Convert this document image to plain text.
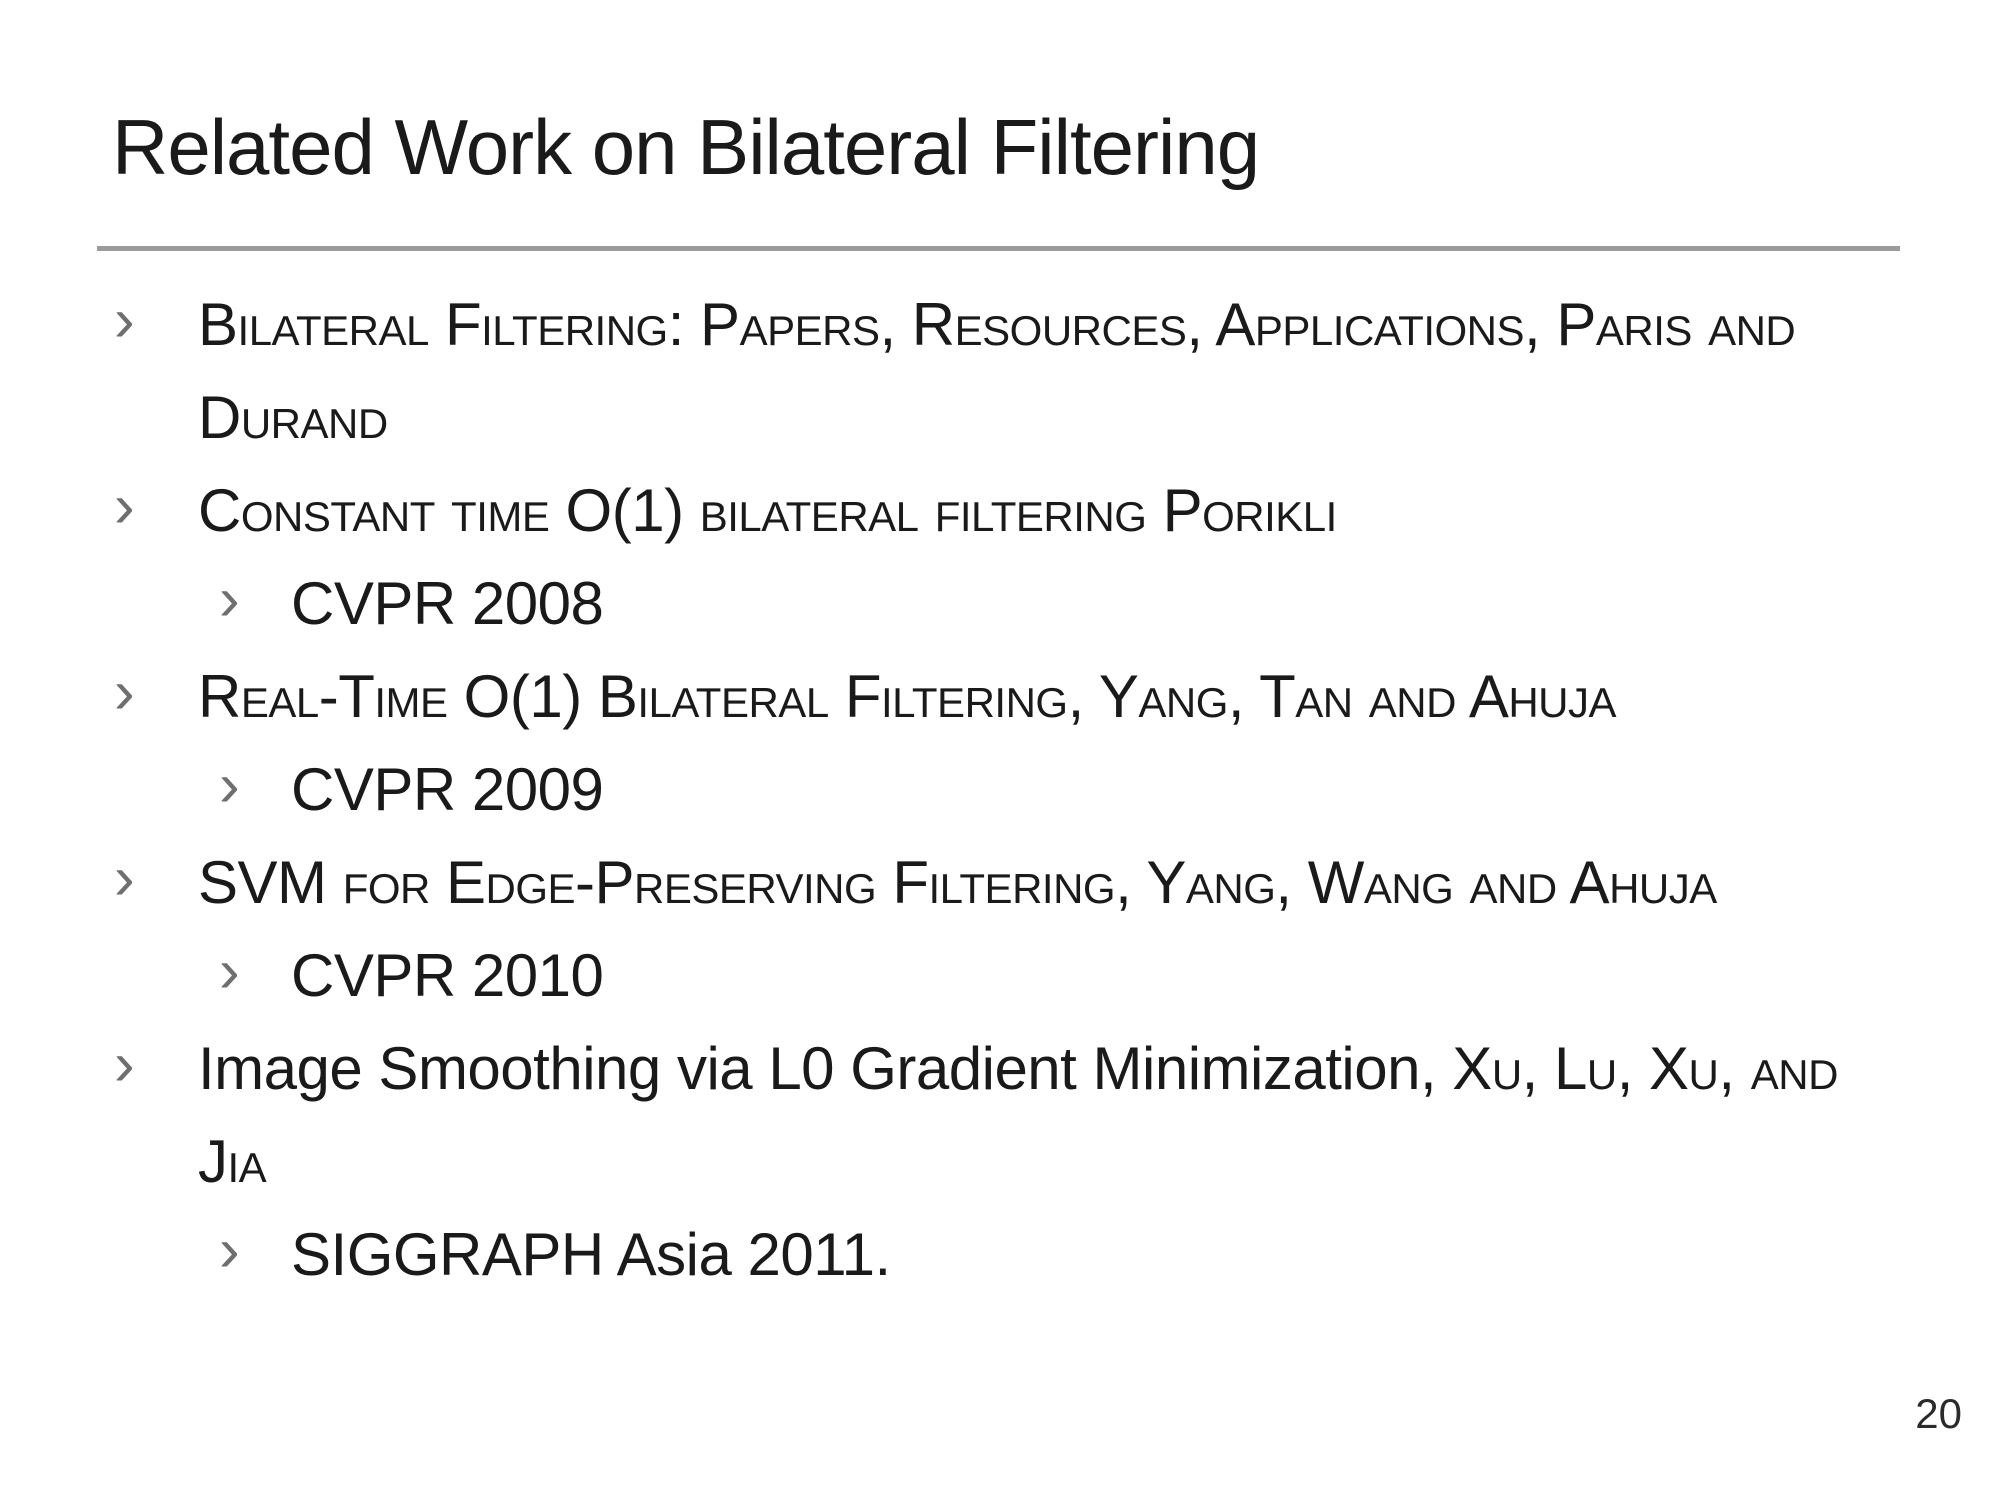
Related Work on Bilateral Filtering
›	Bilateral Filtering: Papers, Resources, Applications, Paris and
Durand
›	Constant time O(1) bilateral filtering Porikli
› CVPR 2008
›	Real-Time O(1) Bilateral Filtering, Yang, Tan and Ahuja
› CVPR 2009
›	SVM for Edge-Preserving Filtering, Yang, Wang and Ahuja
› CVPR 2010
›	Image Smoothing via L0 Gradient Minimization, Xu, Lu, Xu, and
Jia
› SIGGRAPH Asia 2011.
20
